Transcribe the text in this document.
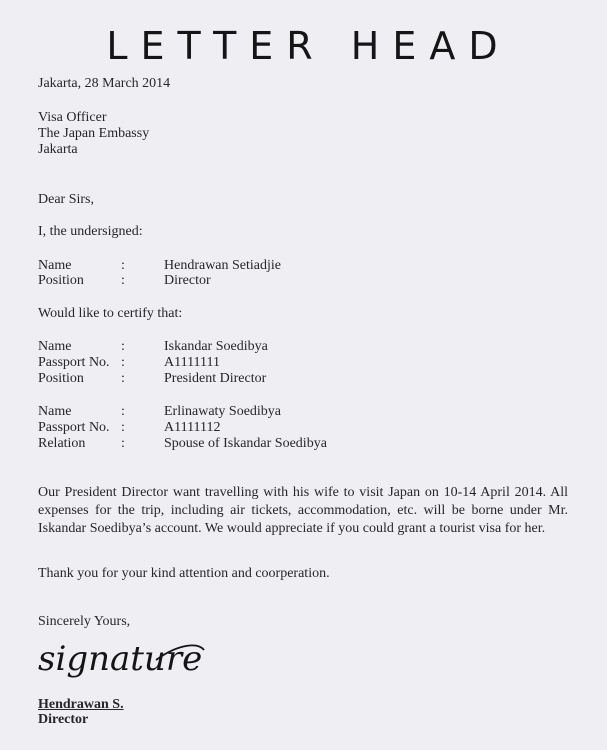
LETTER HEAD
Jakarta, 28 March 2014
Visa Officer
The Japan Embassy
Jakarta
Dear Sirs,
I, the undersigned:
Name	:	Hendrawan Setiadjie
Position	:	Director
Would like to certify that:
Name	:	Iskandar Soedibya
Passport No. :	A1111111
Position	:	President Director
Name	:	Erlinawaty Soedibya
Passport No. :	A1111112
Relation	:	Spouse of Iskandar Soedibya
Our President Director want travelling with his wife to visit Japan on 10-14 April 2014. All expenses for the trip, including air tickets, accommodation, etc. will be borne under Mr. Iskandar Soedibya’s account. We would appreciate if you could grant a tourist visa for her.
Thank you for your kind attention and coorperation.
Sincerely Yours,
signature
Hendrawan S.
Director
